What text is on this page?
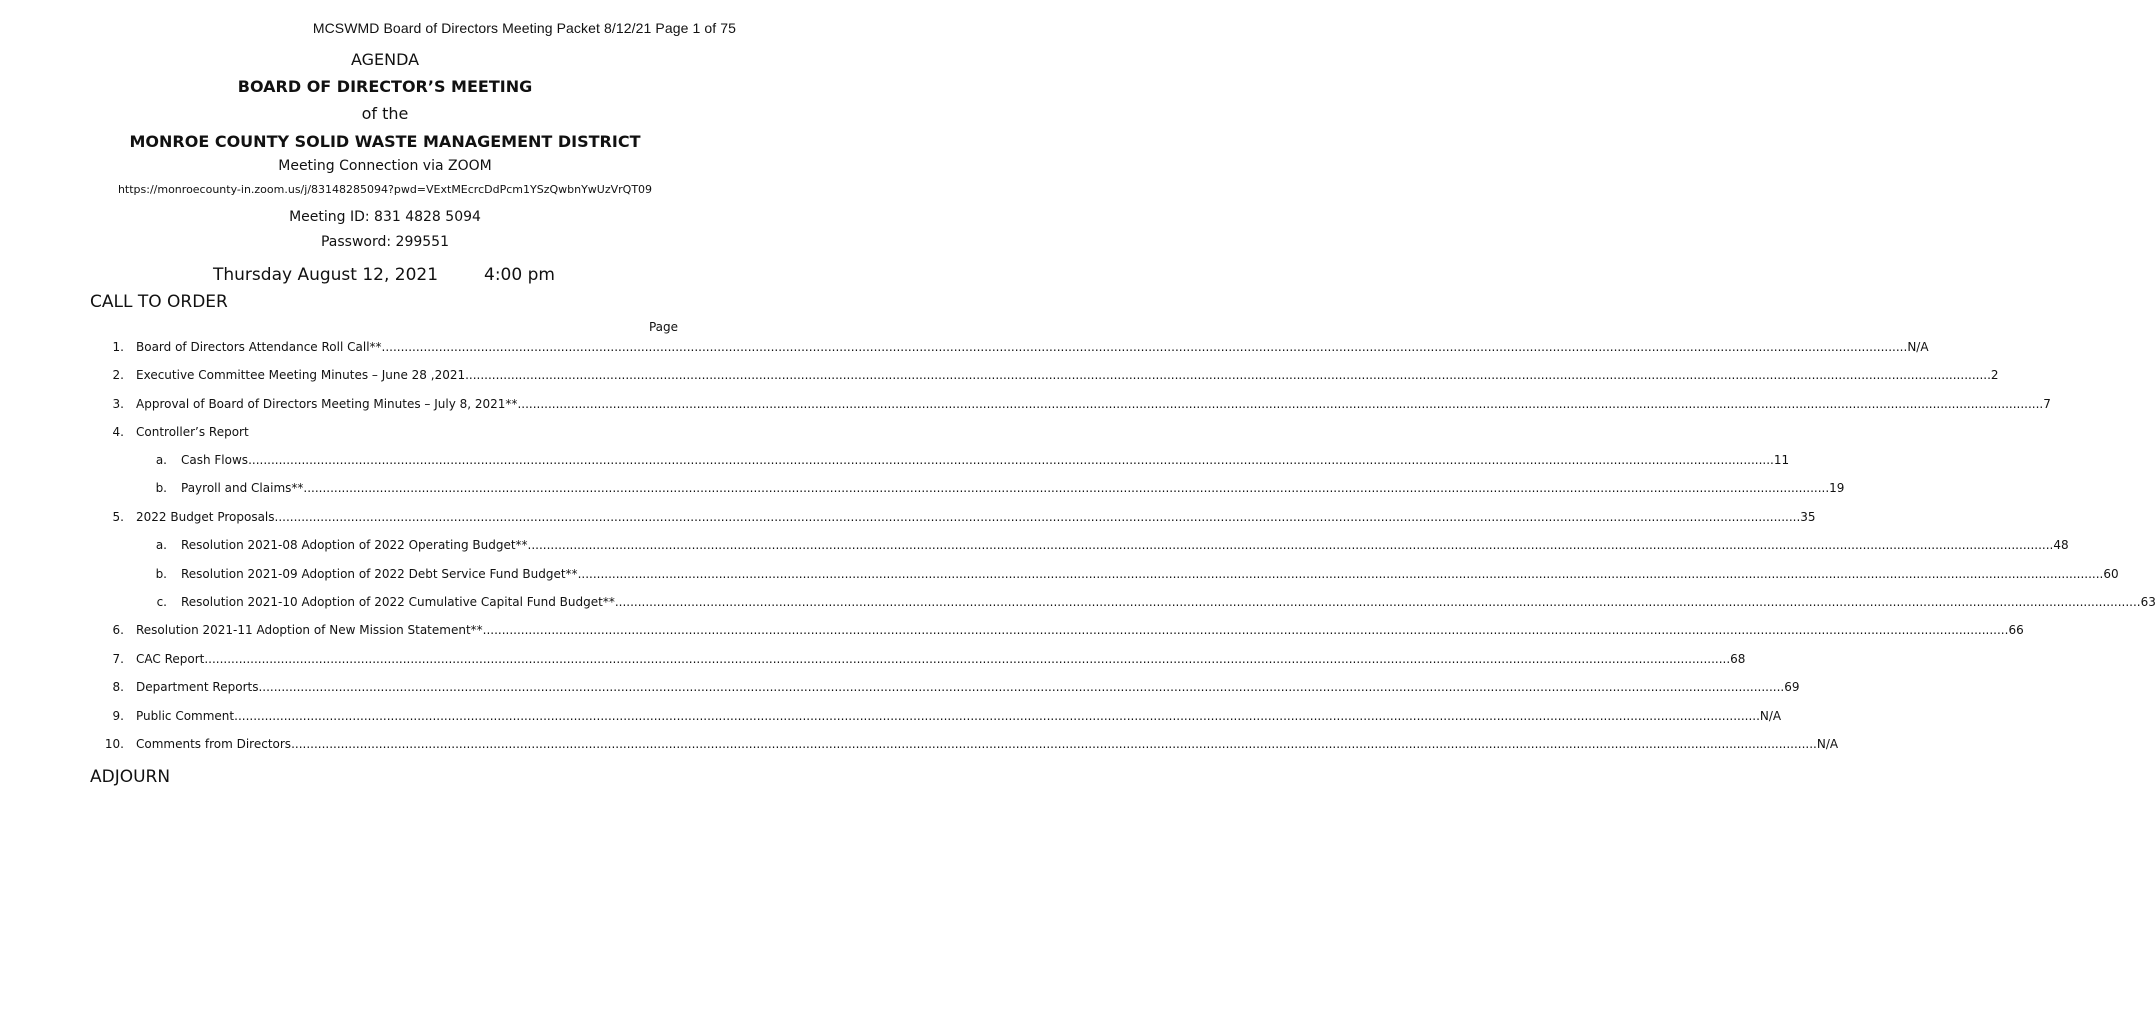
MCSWMD Board of Directors Meeting Packet 8/12/21 Page 1 of 75
AGENDA
BOARD OF DIRECTOR’S MEETING
of the
MONROE COUNTY SOLID WASTE MANAGEMENT DISTRICT
Meeting Connection via ZOOM
https://monroecounty-in.zoom.us/j/83148285094?pwd=VExtMEcrcDdPcm1YSzQwbnYwUzVrQT09
Meeting ID: 831 4828 5094
Password: 299551
Thursday August 12, 2021	4:00 pm
CALL TO ORDER
Page
1. Board of Directors Attendance Roll Call** ................................................................................................................................................................................................................................................................................................................................................................................................................ N/A
2. Executive Committee Meeting Minutes – June 28 ,2021 ................................................................................................................................................................................................................................................................................................................................................................................................................ 2
3. Approval of Board of Directors Meeting Minutes – July 8, 2021** ................................................................................................................................................................................................................................................................................................................................................................................................................ 7
4. Controller’s Report
a. Cash Flows ................................................................................................................................................................................................................................................................................................................................................................................................................ 11
b. Payroll and Claims** ................................................................................................................................................................................................................................................................................................................................................................................................................ 19
5. 2022 Budget Proposals ................................................................................................................................................................................................................................................................................................................................................................................................................ 35
a. Resolution 2021-08 Adoption of 2022 Operating Budget** ................................................................................................................................................................................................................................................................................................................................................................................................................ 48
b. Resolution 2021-09 Adoption of 2022 Debt Service Fund Budget** ................................................................................................................................................................................................................................................................................................................................................................................................................ 60
c. Resolution 2021-10 Adoption of 2022 Cumulative Capital Fund Budget** ................................................................................................................................................................................................................................................................................................................................................................................................................ 63
6. Resolution 2021-11 Adoption of New Mission Statement** ................................................................................................................................................................................................................................................................................................................................................................................................................ 66
7. CAC Report ................................................................................................................................................................................................................................................................................................................................................................................................................ 68
8. Department Reports ................................................................................................................................................................................................................................................................................................................................................................................................................ 69
9. Public Comment ................................................................................................................................................................................................................................................................................................................................................................................................................ N/A
10. Comments from Directors ................................................................................................................................................................................................................................................................................................................................................................................................................ N/A
ADJOURN
